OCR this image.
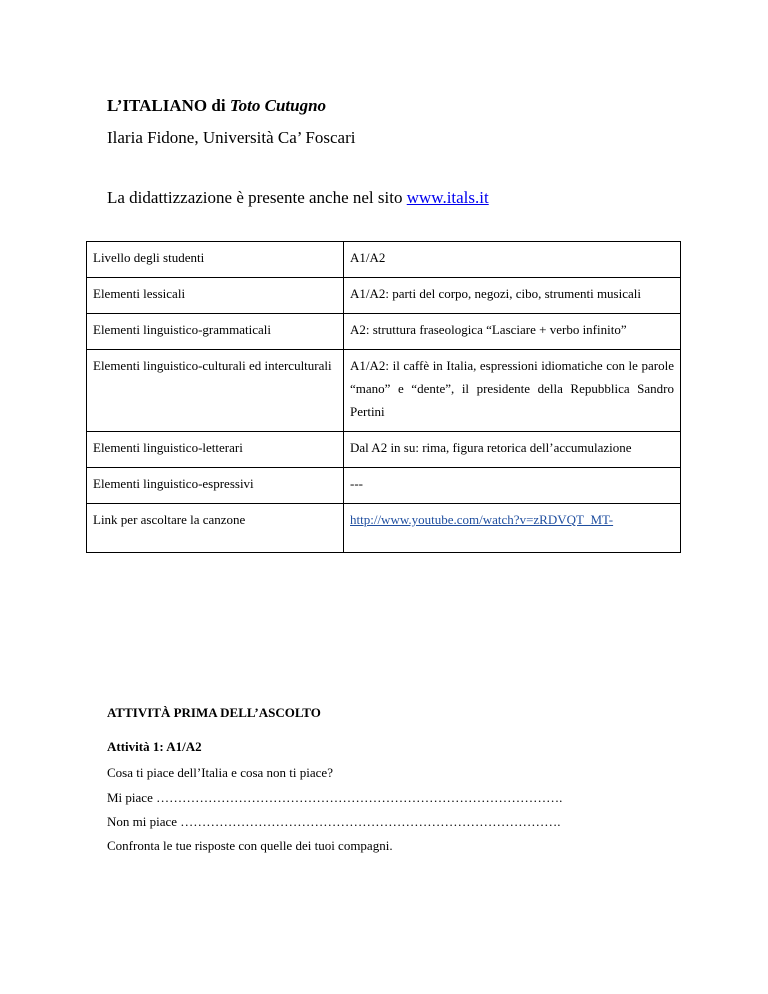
L’ITALIANO di Toto Cutugno
Ilaria Fidone, Università Ca’ Foscari
La didattizzazione è presente anche nel sito www.itals.it
Livello degli studenti	A1/A2
Elementi lessicali	A1/A2: parti del corpo, negozi, cibo, strumenti musicali
Elementi linguistico-grammaticali	A2: struttura fraseologica “Lasciare + verbo infinito”
Elementi linguistico-culturali ed interculturali	A1/A2: il caffè in Italia, espressioni idiomatiche con le parole “mano” e “dente”, il presidente della Repubblica Sandro Pertini
Elementi linguistico-letterari	Dal A2 in su: rima, figura retorica dell’accumulazione
Elementi linguistico-espressivi	---
Link per ascoltare la canzone	http://www.youtube.com/watch?v=zRDVQT_MT-
ATTIVITÀ PRIMA DELL’ASCOLTO
Attività 1: A1/A2
Cosa ti piace dell’Italia e cosa non ti piace?
Mi piace ………………………………………………………………………………….
Non mi piace …………………………………………………………………………….
Confronta le tue risposte con quelle dei tuoi compagni.
